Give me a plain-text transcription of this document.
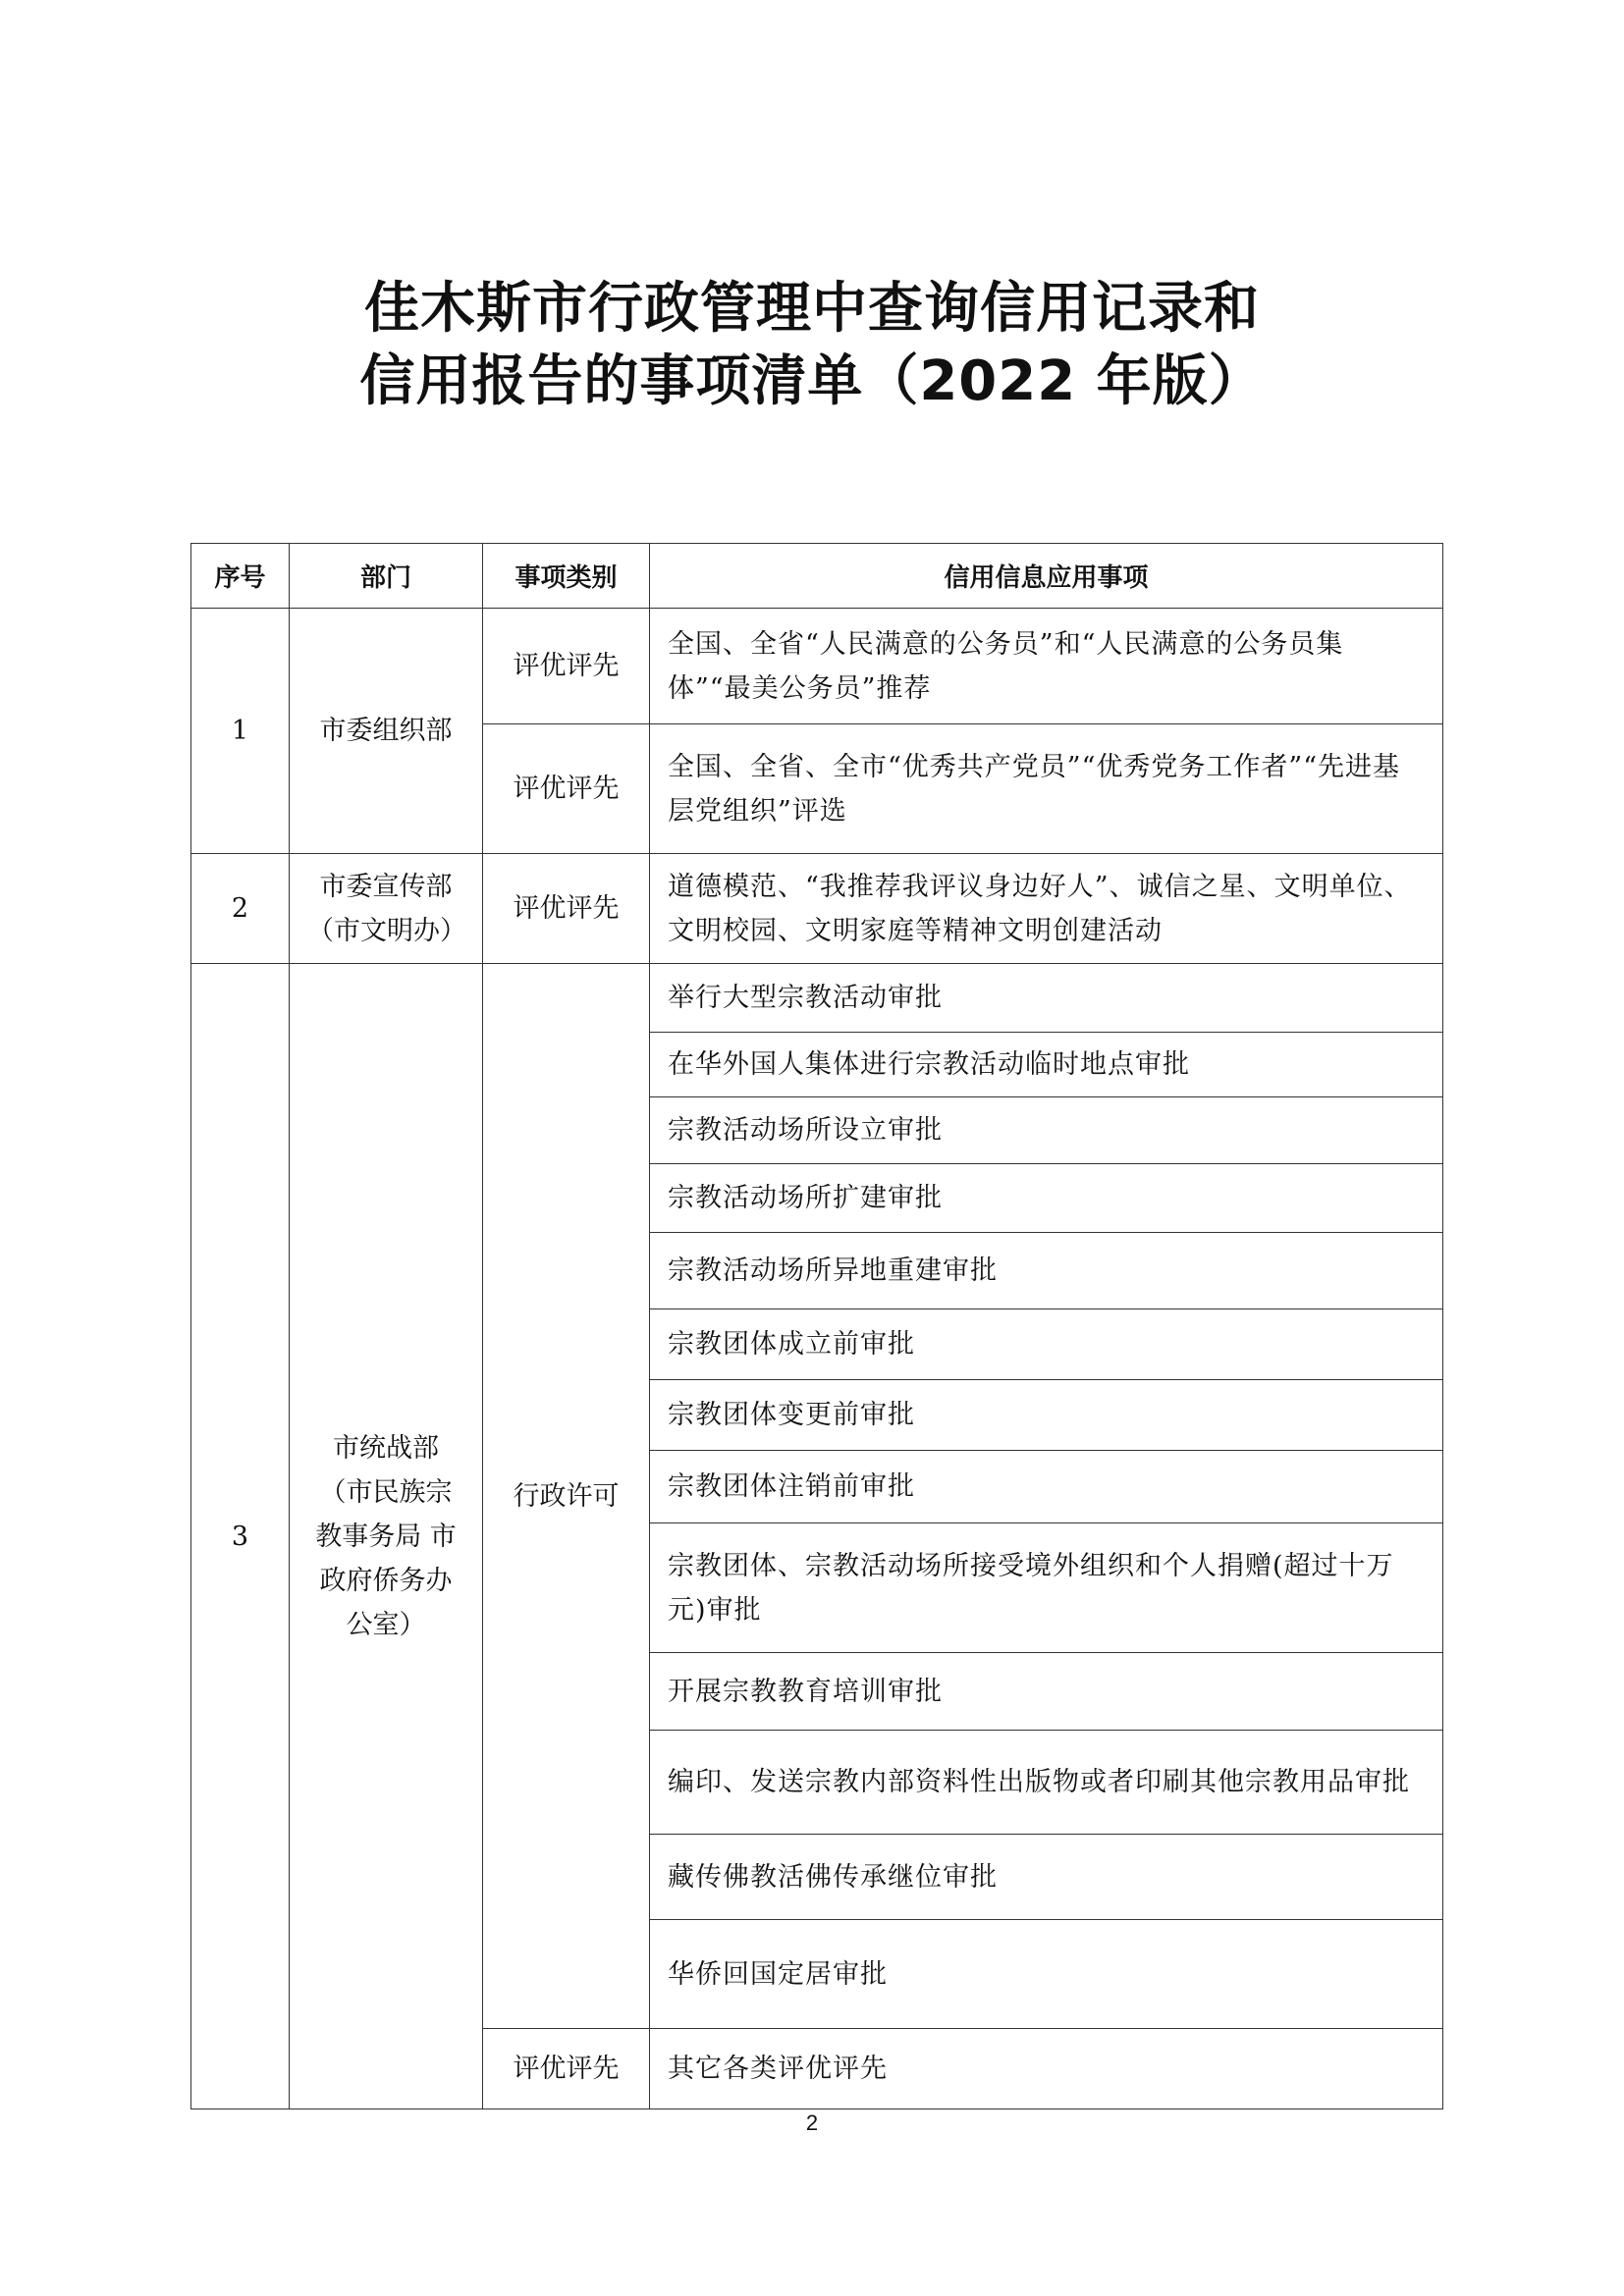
佳木斯市行政管理中查询信用记录和
信用报告的事项清单（2022 年版）
序号	部门	事项类别	信用信息应用事项
1	市委组织部	评优评先	全国、全省“人民满意的公务员”和“人民满意的公务员集体”“最美公务员”推荐
		评优评先	全国、全省、全市“优秀共产党员”“优秀党务工作者”“先进基层党组织”评选
2	市委宣传部（市文明办）	评优评先	道德模范、“我推荐我评议身边好人”、诚信之星、文明单位、文明校园、文明家庭等精神文明创建活动
3	市统战部（市民族宗教事务局 市政府侨务办公室）	行政许可	举行大型宗教活动审批
			在华外国人集体进行宗教活动临时地点审批
			宗教活动场所设立审批
			宗教活动场所扩建审批
			宗教活动场所异地重建审批
			宗教团体成立前审批
			宗教团体变更前审批
			宗教团体注销前审批
			宗教团体、宗教活动场所接受境外组织和个人捐赠(超过十万元)审批
			开展宗教教育培训审批
			编印、发送宗教内部资料性出版物或者印刷其他宗教用品审批
			藏传佛教活佛传承继位审批
			华侨回国定居审批
		评优评先	其它各类评优评先
2
